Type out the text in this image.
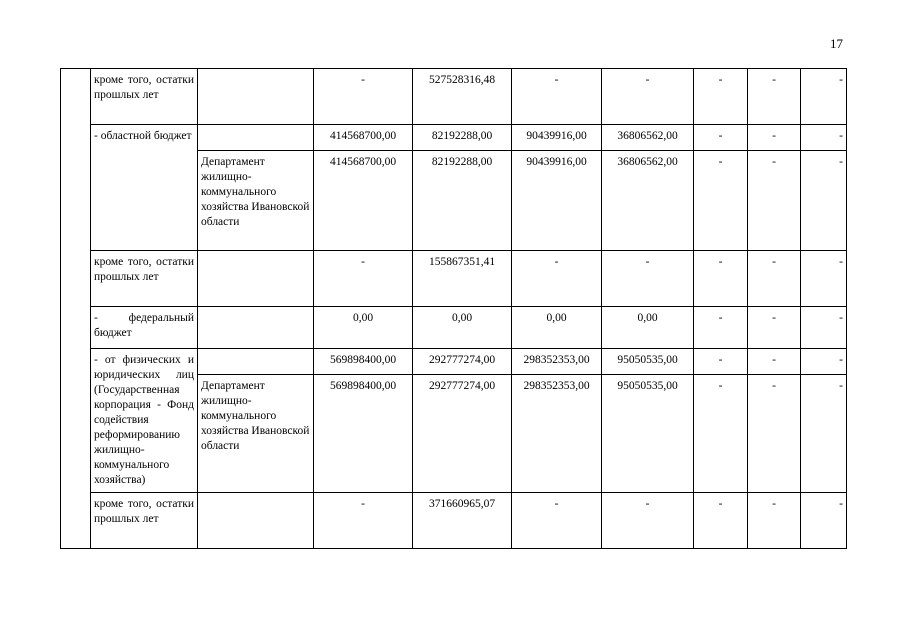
17
	кроме того, остатки прошлых лет		-	527528316,48	-	-	-	-	-
	- областной бюджет		414568700,00	82192288,00	90439916,00	36806562,00	-	-	-
		Департамент жилищно-коммунального хозяйства Ивановской области	414568700,00	82192288,00	90439916,00	36806562,00	-	-	-
	кроме того, остатки прошлых лет		-	155867351,41	-	-	-	-	-
	- федеральный бюджет		0,00	0,00	0,00	0,00	-	-	-
	- от физических и юридических лиц (Государственная корпорация - Фонд содействия реформированию жилищно-коммунального хозяйства)		569898400,00	292777274,00	298352353,00	95050535,00	-	-	-
		Департамент жилищно-коммунального хозяйства Ивановской области	569898400,00	292777274,00	298352353,00	95050535,00	-	-	-
	кроме того, остатки прошлых лет		-	371660965,07	-	-	-	-	-
